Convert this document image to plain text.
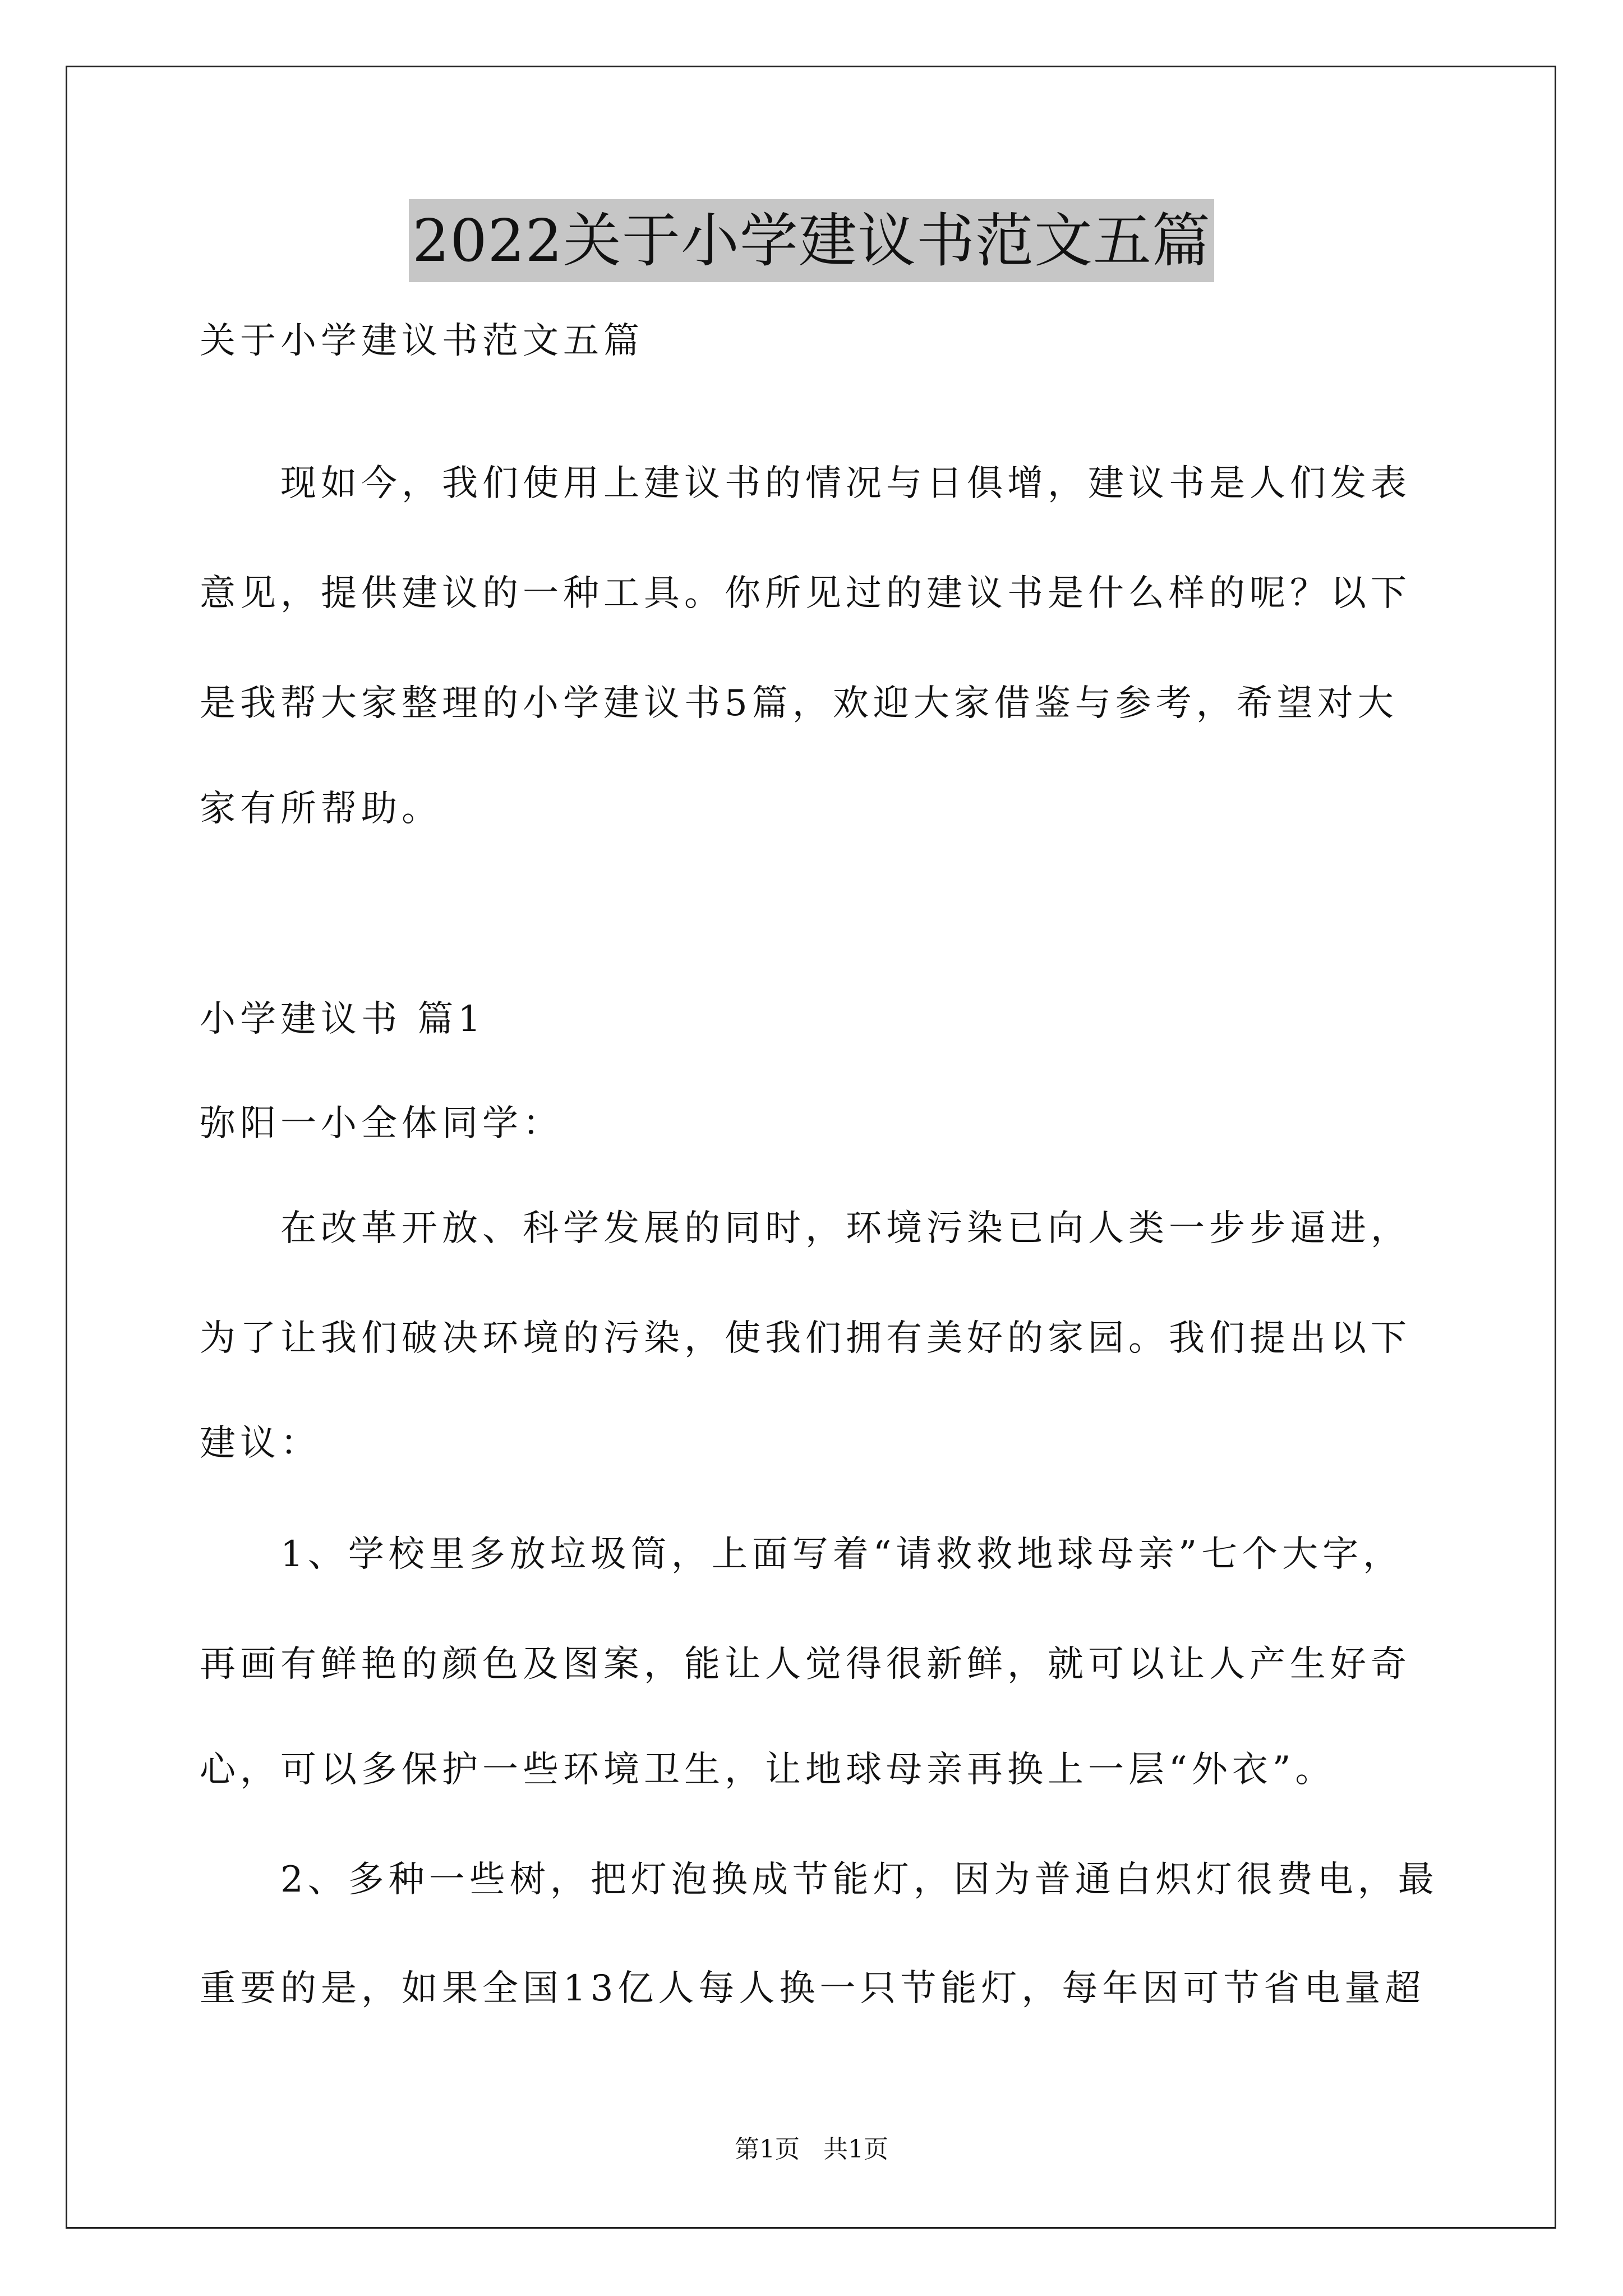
2022关于小学建议书范文五篇
关于小学建议书范文五篇
　　现如今，我们使用上建议书的情况与日俱增，建议书是人们发表
意见，提供建议的一种工具。你所见过的建议书是什么样的呢？以下
是我帮大家整理的小学建议书5篇，欢迎大家借鉴与参考，希望对大
家有所帮助。
小学建议书 篇1
弥阳一小全体同学：
　　在改革开放、科学发展的同时，环境污染已向人类一步步逼进，
为了让我们破决环境的污染，使我们拥有美好的家园。我们提出以下
建议：
　　1、学校里多放垃圾筒，上面写着“请救救地球母亲”七个大字，
再画有鲜艳的颜色及图案，能让人觉得很新鲜，就可以让人产生好奇
心，可以多保护一些环境卫生，让地球母亲再换上一层“外衣”。
　　2、多种一些树，把灯泡换成节能灯，因为普通白炽灯很费电，最
重要的是，如果全国13亿人每人换一只节能灯，每年因可节省电量超
第1页 共1页
